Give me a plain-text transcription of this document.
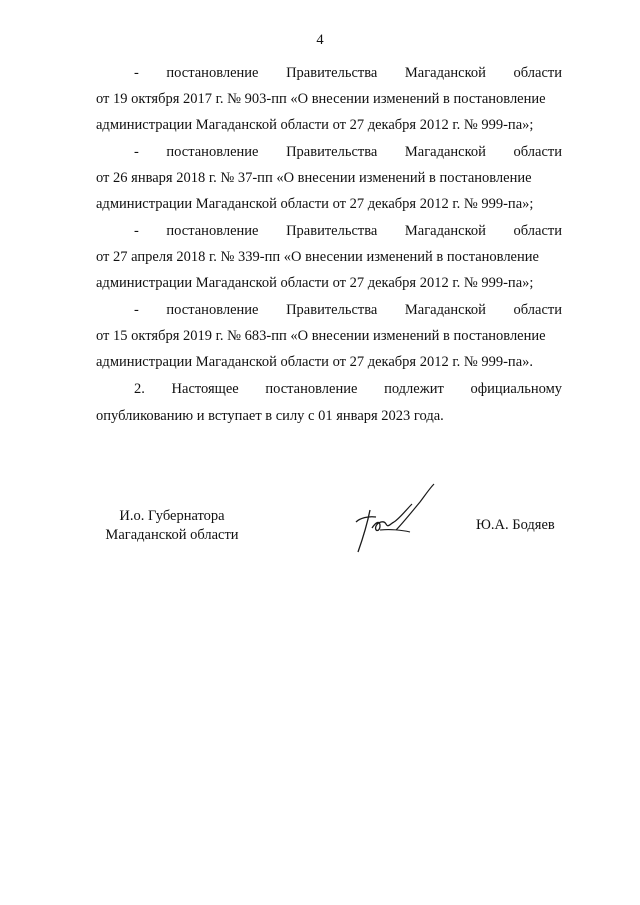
4
- постановление Правительства Магаданской области
от 19 октября 2017 г. № 903-пп «О внесении изменений в постановление
администрации Магаданской области от 27 декабря 2012 г. № 999-па»;
- постановление Правительства Магаданской области
от 26 января 2018 г. № 37-пп «О внесении изменений в постановление
администрации Магаданской области от 27 декабря 2012 г. № 999-па»;
- постановление Правительства Магаданской области
от 27 апреля 2018 г. № 339-пп «О внесении изменений в постановление
администрации Магаданской области от 27 декабря 2012 г. № 999-па»;
- постановление Правительства Магаданской области
от 15 октября 2019 г. № 683-пп «О внесении изменений в постановление
администрации Магаданской области от 27 декабря 2012 г. № 999-па».
2. Настоящее постановление подлежит официальному
опубликованию и вступает в силу с 01 января 2023 года.
И.о. Губернатора
Магаданской области
Ю.А. Бодяев
